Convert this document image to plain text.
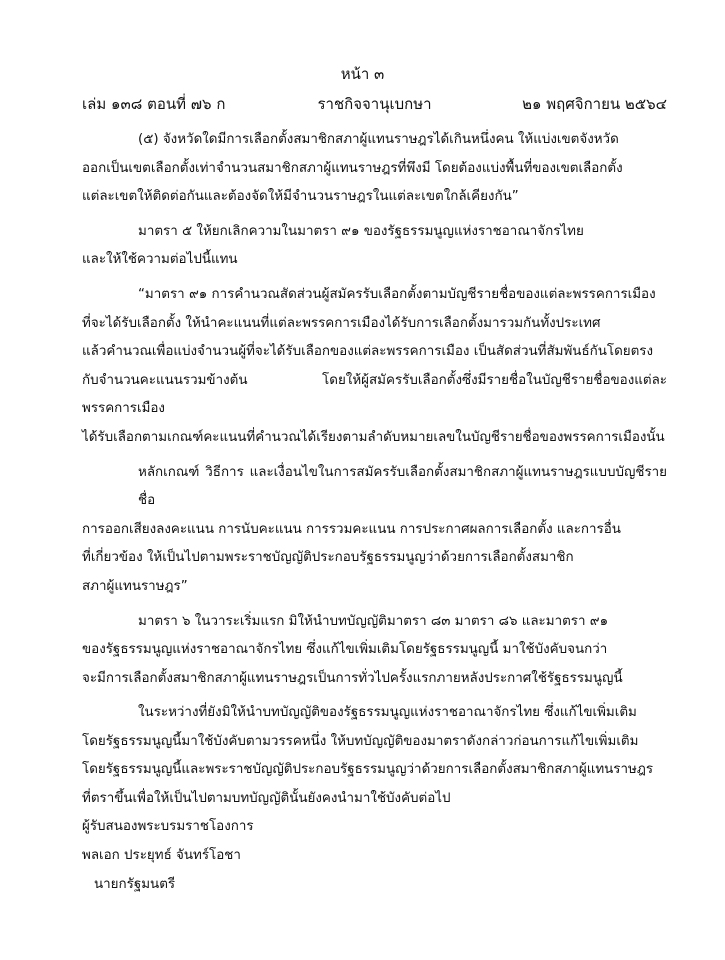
หน้า ๓
เล่ม ๑๓๘ ตอนที่ ๗๖ ก	ราชกิจจานุเบกษา	๒๑ พฤศจิกายน ๒๕๖๔
(๕) จังหวัดใดมีการเลือกตั้งสมาชิกสภาผู้แทนราษฎรได้เกินหนึ่งคน ให้แบ่งเขตจังหวัด
ออกเป็นเขตเลือกตั้งเท่าจำนวนสมาชิกสภาผู้แทนราษฎรที่พึงมี โดยต้องแบ่งพื้นที่ของเขตเลือกตั้ง
แต่ละเขตให้ติดต่อกันและต้องจัดให้มีจำนวนราษฎรในแต่ละเขตใกล้เคียงกัน”
มาตรา ๕ ให้ยกเลิกความในมาตรา ๙๑ ของรัฐธรรมนูญแห่งราชอาณาจักรไทย
และให้ใช้ความต่อไปนี้แทน
“มาตรา ๙๑ การคำนวณสัดส่วนผู้สมัครรับเลือกตั้งตามบัญชีรายชื่อของแต่ละพรรคการเมือง
ที่จะได้รับเลือกตั้ง ให้นำคะแนนที่แต่ละพรรคการเมืองได้รับการเลือกตั้งมารวมกันทั้งประเทศ
แล้วคำนวณเพื่อแบ่งจำนวนผู้ที่จะได้รับเลือกของแต่ละพรรคการเมือง เป็นสัดส่วนที่สัมพันธ์กันโดยตรง
กับจำนวนคะแนนรวมข้างต้น โดยให้ผู้สมัครรับเลือกตั้งซึ่งมีรายชื่อในบัญชีรายชื่อของแต่ละพรรคการเมือง
ได้รับเลือกตามเกณฑ์คะแนนที่คำนวณได้เรียงตามลำดับหมายเลขในบัญชีรายชื่อของพรรคการเมืองนั้น
หลักเกณฑ์ วิธีการ และเงื่อนไขในการสมัครรับเลือกตั้งสมาชิกสภาผู้แทนราษฎรแบบบัญชีรายชื่อ
การออกเสียงลงคะแนน การนับคะแนน การรวมคะแนน การประกาศผลการเลือกตั้ง และการอื่น
ที่เกี่ยวข้อง ให้เป็นไปตามพระราชบัญญัติประกอบรัฐธรรมนูญว่าด้วยการเลือกตั้งสมาชิก
สภาผู้แทนราษฎร”
มาตรา ๖ ในวาระเริ่มแรก มิให้นำบทบัญญัติมาตรา ๘๓ มาตรา ๘๖ และมาตรา ๙๑
ของรัฐธรรมนูญแห่งราชอาณาจักรไทย ซึ่งแก้ไขเพิ่มเติมโดยรัฐธรรมนูญนี้ มาใช้บังคับจนกว่า
จะมีการเลือกตั้งสมาชิกสภาผู้แทนราษฎรเป็นการทั่วไปครั้งแรกภายหลังประกาศใช้รัฐธรรมนูญนี้
ในระหว่างที่ยังมิให้นำบทบัญญัติของรัฐธรรมนูญแห่งราชอาณาจักรไทย ซึ่งแก้ไขเพิ่มเติม
โดยรัฐธรรมนูญนี้มาใช้บังคับตามวรรคหนึ่ง ให้บทบัญญัติของมาตราดังกล่าวก่อนการแก้ไขเพิ่มเติม
โดยรัฐธรรมนูญนี้และพระราชบัญญัติประกอบรัฐธรรมนูญว่าด้วยการเลือกตั้งสมาชิกสภาผู้แทนราษฎร
ที่ตราขึ้นเพื่อให้เป็นไปตามบทบัญญัตินั้นยังคงนำมาใช้บังคับต่อไป
ผู้รับสนองพระบรมราชโองการ
พลเอก ประยุทธ์ จันทร์โอชา
นายกรัฐมนตรี
